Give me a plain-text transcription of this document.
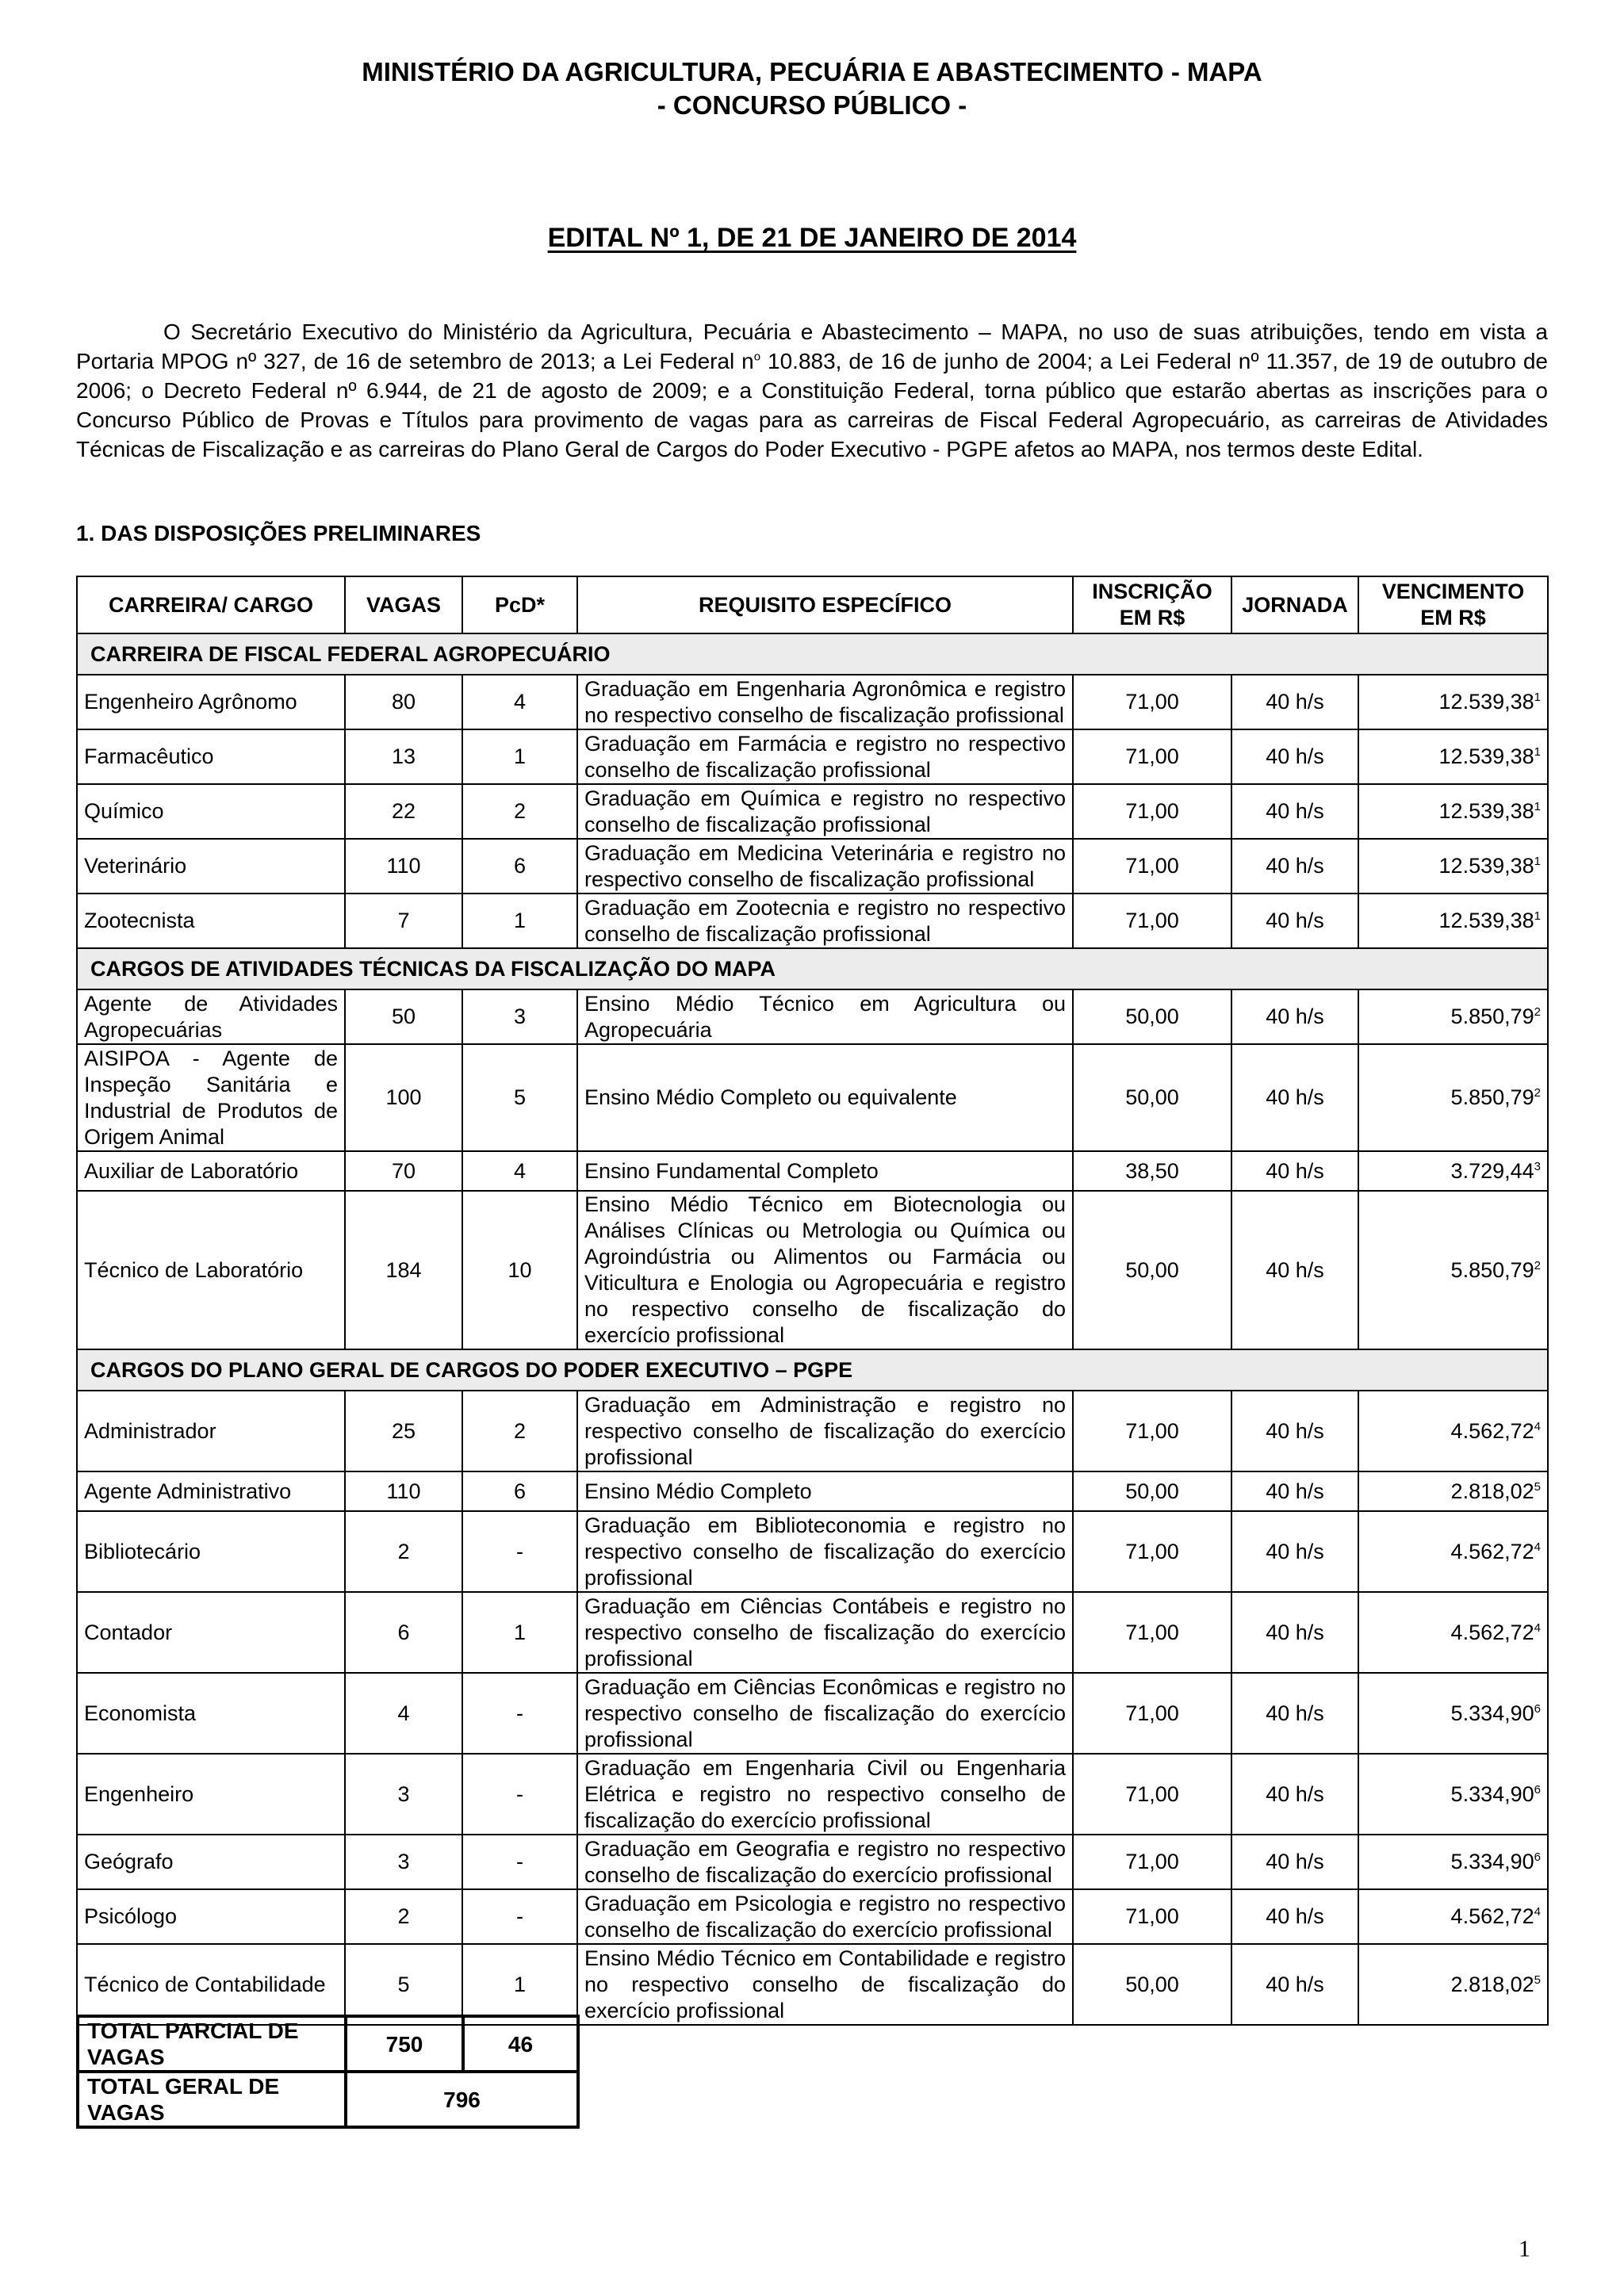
MINISTÉRIO DA AGRICULTURA, PECUÁRIA E ABASTECIMENTO - MAPA
- CONCURSO PÚBLICO -
EDITAL Nº 1, DE 21 DE JANEIRO DE 2014
O Secretário Executivo do Ministério da Agricultura, Pecuária e Abastecimento – MAPA, no uso de suas atribuições, tendo em vista a Portaria MPOG nº 327, de 16 de setembro de 2013; a Lei Federal $n^o$ 10.883, de 16 de junho de 2004; a Lei Federal nº 11.357, de 19 de outubro de 2006; o Decreto Federal nº 6.944, de 21 de agosto de 2009; e a Constituição Federal, torna público que estarão abertas as inscrições para o Concurso Público de Provas e Títulos para provimento de vagas para as carreiras de Fiscal Federal Agropecuário, as carreiras de Atividades Técnicas de Fiscalização e as carreiras do Plano Geral de Cargos do Poder Executivo - PGPE afetos ao MAPA, nos termos deste Edital.
1. DAS DISPOSIÇÕES PRELIMINARES
CARREIRA/ CARGO	VAGAS	PcD*	REQUISITO ESPECÍFICO	INSCRIÇÃO EM R$	JORNADA	VENCIMENTO EM R$
CARREIRA DE FISCAL FEDERAL AGROPECUÁRIO						
Engenheiro Agrônomo	80	4	Graduação em Engenharia Agronômica e registro no respectivo conselho de fiscalização profissional	71,00	40 h/s	12.539,38$^1$
Farmacêutico	13	1	Graduação em Farmácia e registro no respectivo conselho de fiscalização profissional	71,00	40 h/s	12.539,38$^1$
Químico	22	2	Graduação em Química e registro no respectivo conselho de fiscalização profissional	71,00	40 h/s	12.539,38$^1$
Veterinário	110	6	Graduação em Medicina Veterinária e registro no respectivo conselho de fiscalização profissional	71,00	40 h/s	12.539,38$^1$
Zootecnista	7	1	Graduação em Zootecnia e registro no respectivo conselho de fiscalização profissional	71,00	40 h/s	12.539,38$^1$
CARGOS DE ATIVIDADES TÉCNICAS DA FISCALIZAÇÃO DO MAPA						
Agente de Atividades Agropecuárias	50	3	Ensino Médio Técnico em Agricultura ou Agropecuária	50,00	40 h/s	5.850,79$^2$
AISIPOA - Agente de Inspeção Sanitária e Industrial de Produtos de Origem Animal	100	5	Ensino Médio Completo ou equivalente	50,00	40 h/s	5.850,79$^2$
Auxiliar de Laboratório	70	4	Ensino Fundamental Completo	38,50	40 h/s	3.729,44$^3$
Técnico de Laboratório	184	10	Ensino Médio Técnico em Biotecnologia ou Análises Clínicas ou Metrologia ou Química ou Agroindústria ou Alimentos ou Farmácia ou Viticultura e Enologia ou Agropecuária e registro no respectivo conselho de fiscalização do exercício profissional	50,00	40 h/s	5.850,79$^2$
CARGOS DO PLANO GERAL DE CARGOS DO PODER EXECUTIVO – PGPE						
Administrador	25	2	Graduação em Administração e registro no respectivo conselho de fiscalização do exercício profissional	71,00	40 h/s	4.562,72$^4$
Agente Administrativo	110	6	Ensino Médio Completo	50,00	40 h/s	2.818,02$^5$
Bibliotecário	2	-	Graduação em Biblioteconomia e registro no respectivo conselho de fiscalização do exercício profissional	71,00	40 h/s	4.562,72$^4$
Contador	6	1	Graduação em Ciências Contábeis e registro no respectivo conselho de fiscalização do exercício profissional	71,00	40 h/s	4.562,72$^4$
Economista	4	-	Graduação em Ciências Econômicas e registro no respectivo conselho de fiscalização do exercício profissional	71,00	40 h/s	5.334,90$^6$
Engenheiro	3	-	Graduação em Engenharia Civil ou Engenharia Elétrica e registro no respectivo conselho de fiscalização do exercício profissional	71,00	40 h/s	5.334,90$^6$
Geógrafo	3	-	Graduação em Geografia e registro no respectivo conselho de fiscalização do exercício profissional	71,00	40 h/s	5.334,90$^6$
Psicólogo	2	-	Graduação em Psicologia e registro no respectivo conselho de fiscalização do exercício profissional	71,00	40 h/s	4.562,72$^4$
Técnico de Contabilidade	5	1	Ensino Médio Técnico em Contabilidade e registro no respectivo conselho de fiscalização do exercício profissional	50,00	40 h/s	2.818,02$^5$
TOTAL PARCIAL DE VAGAS	750	46
TOTAL GERAL DE VAGAS	796	
1
